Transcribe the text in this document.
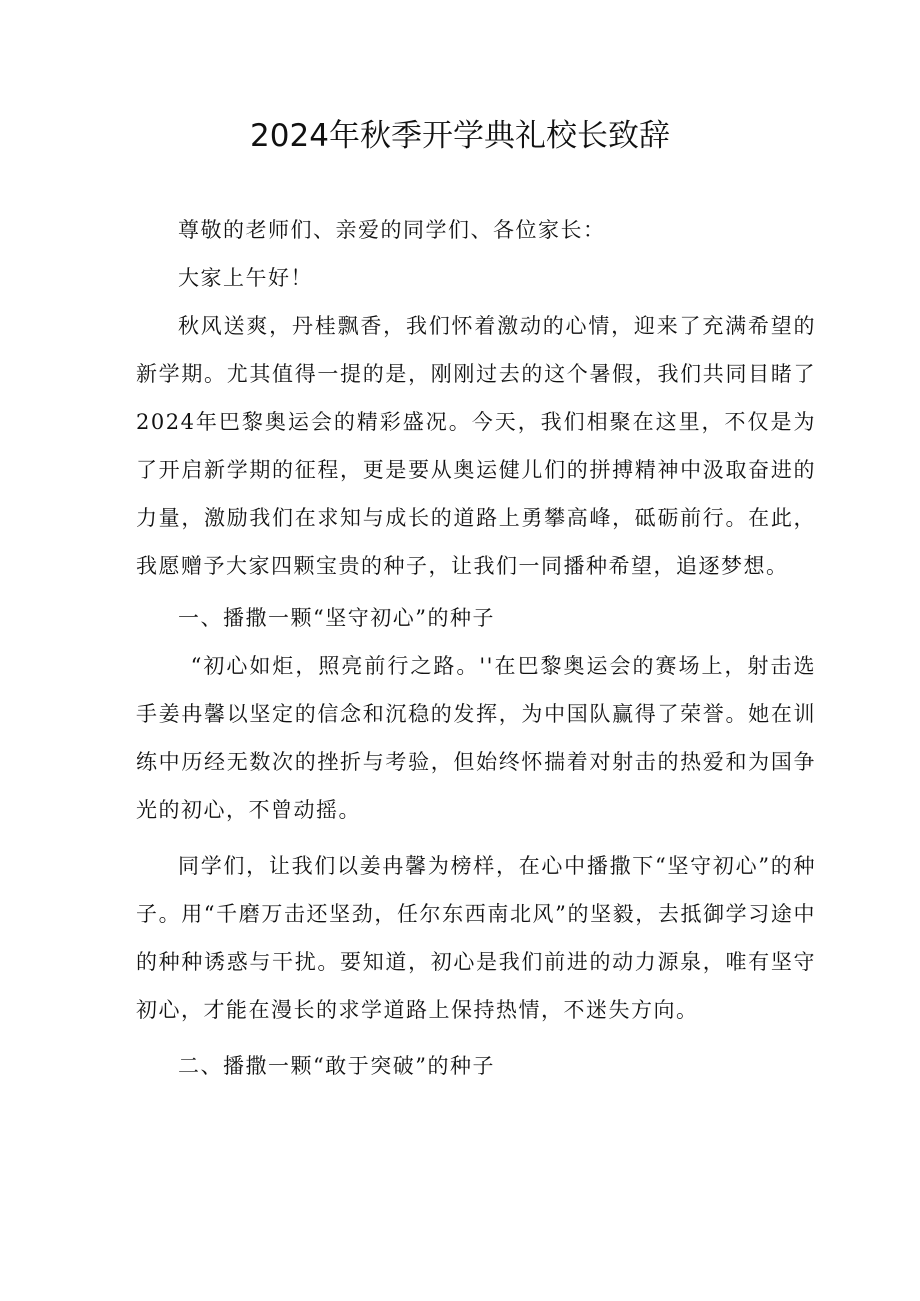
2024年秋季开学典礼校长致辞

尊敬的老师们、亲爱的同学们、各位家长：

大家上午好！

秋风送爽，丹桂飘香，我们怀着激动的心情，迎来了充满希望的新学期。尤其值得一提的是，刚刚过去的这个暑假，我们共同目睹了2024年巴黎奥运会的精彩盛况。今天，我们相聚在这里，不仅是为了开启新学期的征程，更是要从奥运健儿们的拼搏精神中汲取奋进的力量，激励我们在求知与成长的道路上勇攀高峰，砥砺前行。在此，我愿赠予大家四颗宝贵的种子，让我们一同播种希望，追逐梦想。

一、播撒一颗“坚守初心”的种子

“初心如炬，照亮前行之路。''在巴黎奥运会的赛场上，射击选手姜冉馨以坚定的信念和沉稳的发挥，为中国队赢得了荣誉。她在训练中历经无数次的挫折与考验，但始终怀揣着对射击的热爱和为国争光的初心，不曾动摇。

同学们，让我们以姜冉馨为榜样，在心中播撒下“坚守初心”的种子。用“千磨万击还坚劲，任尔东西南北风”的坚毅，去抵御学习途中的种种诱惑与干扰。要知道，初心是我们前进的动力源泉，唯有坚守初心，才能在漫长的求学道路上保持热情，不迷失方向。

二、播撒一颗“敢于突破”的种子
